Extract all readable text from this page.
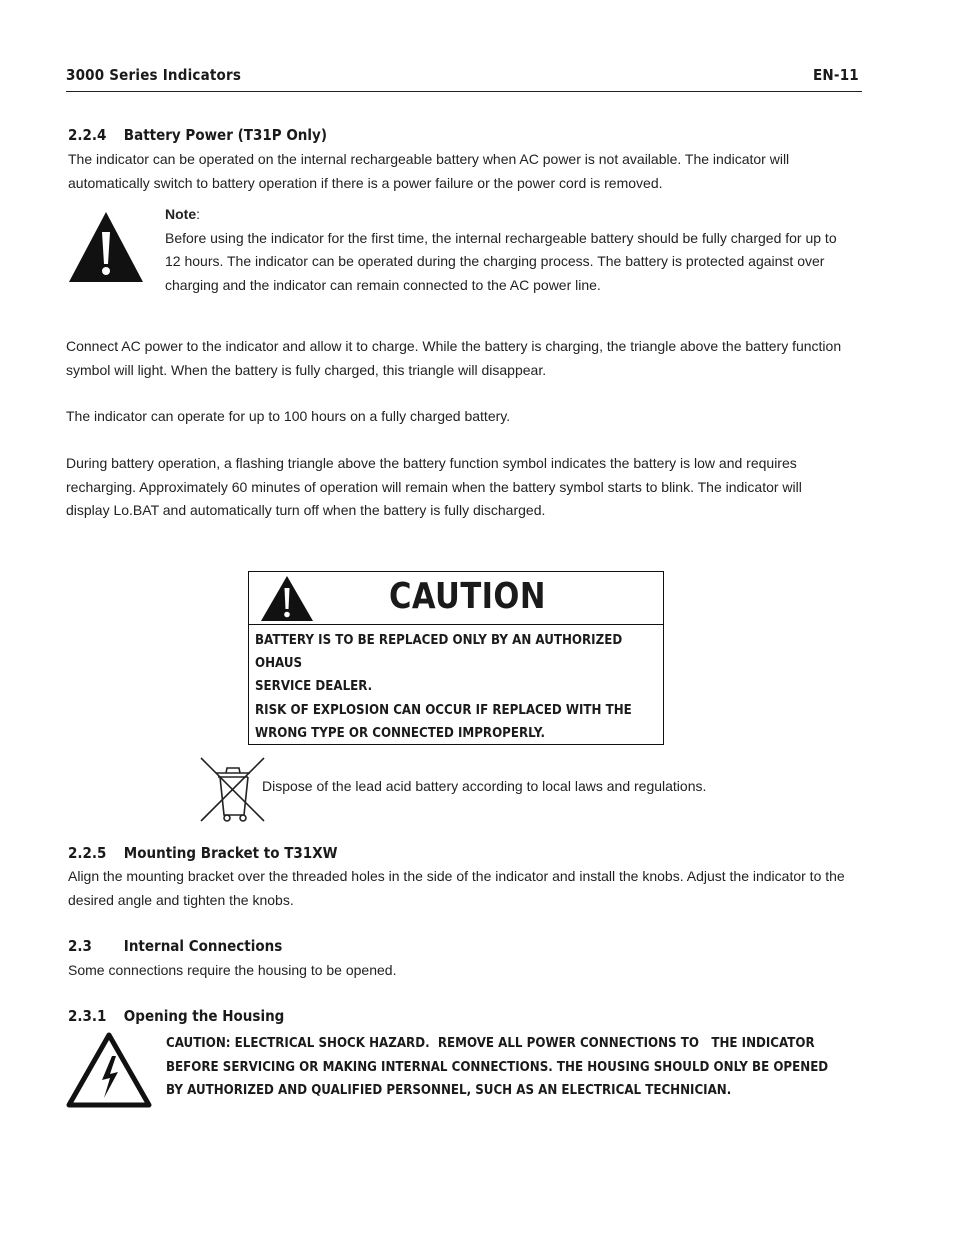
3000 Series Indicators	EN-11
2.2.4 Battery Power (T31P Only)

The indicator can be operated on the internal rechargeable battery when AC power is not available. The indicator will

automatically switch to battery operation if there is a power failure or the power cord is removed.

Note:

Before using the indicator for the first time, the internal rechargeable battery should be fully charged for up to

12 hours. The indicator can be operated during the charging process. The battery is protected against over

charging and the indicator can remain connected to the AC power line.

Connect AC power to the indicator and allow it to charge. While the battery is charging, the triangle above the battery function

symbol will light. When the battery is fully charged, this triangle will disappear.

The indicator can operate for up to 100 hours on a fully charged battery.

During battery operation, a flashing triangle above the battery function symbol indicates the battery is low and requires

recharging. Approximately 60 minutes of operation will remain when the battery symbol starts to blink. The indicator will

display Lo.BAT and automatically turn off when the battery is fully discharged.

CAUTION
BATTERY IS TO BE REPLACED ONLY BY AN AUTHORIZED OHAUS
SERVICE DEALER.
RISK OF EXPLOSION CAN OCCUR IF REPLACED WITH THE
WRONG TYPE OR CONNECTED IMPROPERLY.

Dispose of the lead acid battery according to local laws and regulations.

2.2.5 Mounting Bracket to T31XW

Align the mounting bracket over the threaded holes in the side of the indicator and install the knobs. Adjust the indicator to the

desired angle and tighten the knobs.

2.3 Internal Connections

Some connections require the housing to be opened.

2.3.1 Opening the Housing
CAUTION: ELECTRICAL SHOCK HAZARD.  REMOVE ALL POWER CONNECTIONS TO   THE INDICATOR
BEFORE SERVICING OR MAKING INTERNAL CONNECTIONS. THE HOUSING SHOULD ONLY BE OPENED
BY AUTHORIZED AND QUALIFIED PERSONNEL, SUCH AS AN ELECTRICAL TECHNICIAN.
